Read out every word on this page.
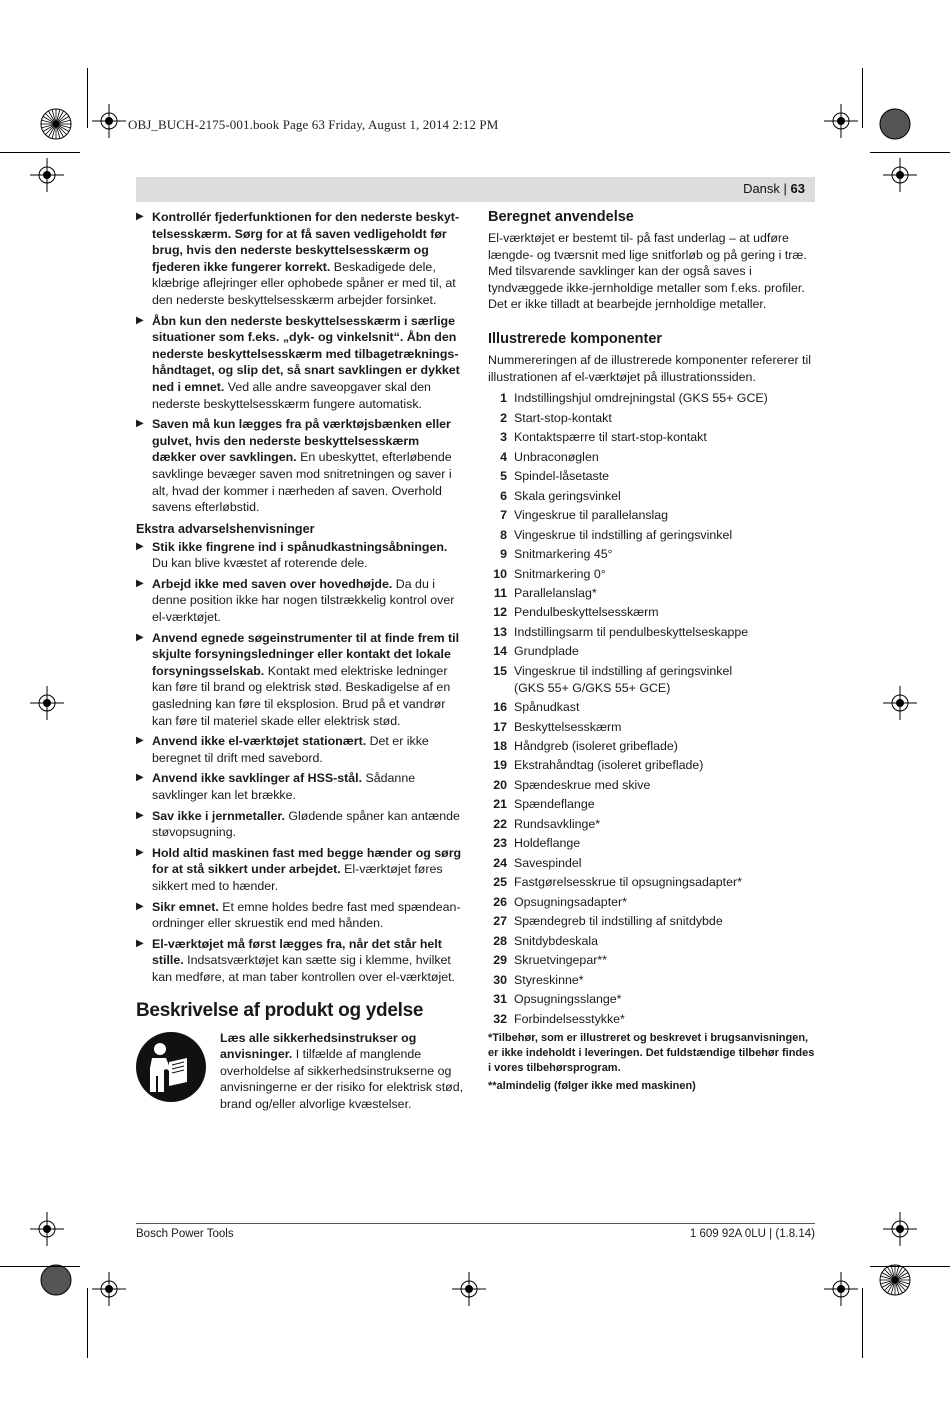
OBJ_BUCH-2175-001.book Page 63 Friday, August 1, 2014 2:12 PM
Dansk | 63
▶ Kontrollér fjederfunktionen for den nederste beskyttelsesskærm. Sørg for at få saven vedligeholdt før brug, hvis den nederste beskyttelsesskærm og fjederen ikke fungerer korrekt. Beskadigede dele, klæbrige aflejringer eller ophobede spåner er med til, at den nederste beskyttelsesskærm arbejder forsinket.
▶ Åbn kun den nederste beskyttelsesskærm i særlige situationer som f.eks. „dyk- og vinkelsnit“. Åbn den nederste beskyttelsesskærm med tilbagetrækningshåndtaget, og slip det, så snart savklingen er dykket ned i emnet. Ved alle andre saveopgaver skal den nederste beskyttelsesskærm fungere automatisk.
▶ Saven må kun lægges fra på værktøjsbænken eller gulvet, hvis den nederste beskyttelsesskærm dækker over savklingen. En ubeskyttet, efterløbende savklinge bevæger saven mod snitretningen og saver i alt, hvad der kommer i nærheden af saven. Overhold savens efterløbstid.
Ekstra advarselshenvisninger
▶ Stik ikke fingrene ind i spånudkastningsåbningen. Du kan blive kvæstet af roterende dele.
▶ Arbejd ikke med saven over hovedhøjde. Da du i denne position ikke har nogen tilstrækkelig kontrol over el-værktøjet.
▶ Anvend egnede søgeinstrumenter til at finde frem til skjulte forsyningsledninger eller kontakt det lokale forsyningsselskab. Kontakt med elektriske ledninger kan føre til brand og elektrisk stød. Beskadigelse af en gasledning kan føre til eksplosion. Brud på et vandrør kan føre til materiel skade eller elektrisk stød.
▶ Anvend ikke el-værktøjet stationært. Det er ikke beregnet til drift med savebord.
▶ Anvend ikke savklinger af HSS-stål. Sådanne savklinger kan let brække.
▶ Sav ikke i jernmetaller. Glødende spåner kan antænde støvopsugning.
▶ Hold altid maskinen fast med begge hænder og sørg for at stå sikkert under arbejdet. El-værktøjet føres sikkert med to hænder.
▶ Sikr emnet. Et emne holdes bedre fast med spændeanordninger eller skruestik end med hånden.
▶ El-værktøjet må først lægges fra, når det står helt stille. Indsatsværktøjet kan sætte sig i klemme, hvilket kan medføre, at man taber kontrollen over el-værktøjet.
Beskrivelse af produkt og ydelse
Læs alle sikkerhedsinstrukser og anvisninger. I tilfælde af manglende overholdelse af sikkerhedsinstrukserne og anvisningerne er der risiko for elektrisk stød, brand og/eller alvorlige kvæstelser.
Beregnet anvendelse

El-værktøjet er bestemt til- på fast underlag – at udføre længde- og tværsnit med lige snitforløb og på gering i træ. Med tilsvarende savklinger kan der også saves i tyndvæggede ikke-jernholdige metaller som f.eks. profiler.

Det er ikke tilladt at bearbejde jernholdige metaller.

Illustrerede komponenter
Nummereringen af de illustrerede komponenter refererer til illustrationen af el-værktøjet på illustrationssiden.
1 Indstillingshjul omdrejningstal (GKS 55+ GCE)
2 Start-stop-kontakt
3 Kontaktspærre til start-stop-kontakt
4 Unbraconøglen
5 Spindel-låsetaste
6 Skala geringsvinkel
7 Vingeskrue til parallelanslag
8 Vingeskrue til indstilling af geringsvinkel
9 Snitmarkering 45°
10 Snitmarkering 0°
11 Parallelanslag*
12 Pendulbeskyttelsesskærm
13 Indstillingsarm til pendulbeskyttelseskappe
14 Grundplade
15 Vingeskrue til indstilling af geringsvinkel
(GKS 55+ G/GKS 55+ GCE)
16 Spånudkast
17 Beskyttelsesskærm
18 Håndgreb (isoleret gribeflade)
19 Ekstrahåndtag (isoleret gribeflade)
20 Spændeskrue med skive
21 Spændeflange
22 Rundsavklinge*
23 Holdeflange
24 Savespindel
25 Fastgørelsesskrue til opsugningsadapter*
26 Opsugningsadapter*
27 Spændegreb til indstilling af snitdybde
28 Snitdybdeskala
29 Skruetvingepar**
30 Styreskinne*
31 Opsugningsslange*
32 Forbindelsesstykke*
*Tilbehør, som er illustreret og beskrevet i brugsanvisningen, er ikke indeholdt i leveringen. Det fuldstændige tilbehør findes i vores tilbehørsprogram.
**almindelig (følger ikke med maskinen)
Bosch Power Tools	1 609 92A 0LU | (1.8.14)
